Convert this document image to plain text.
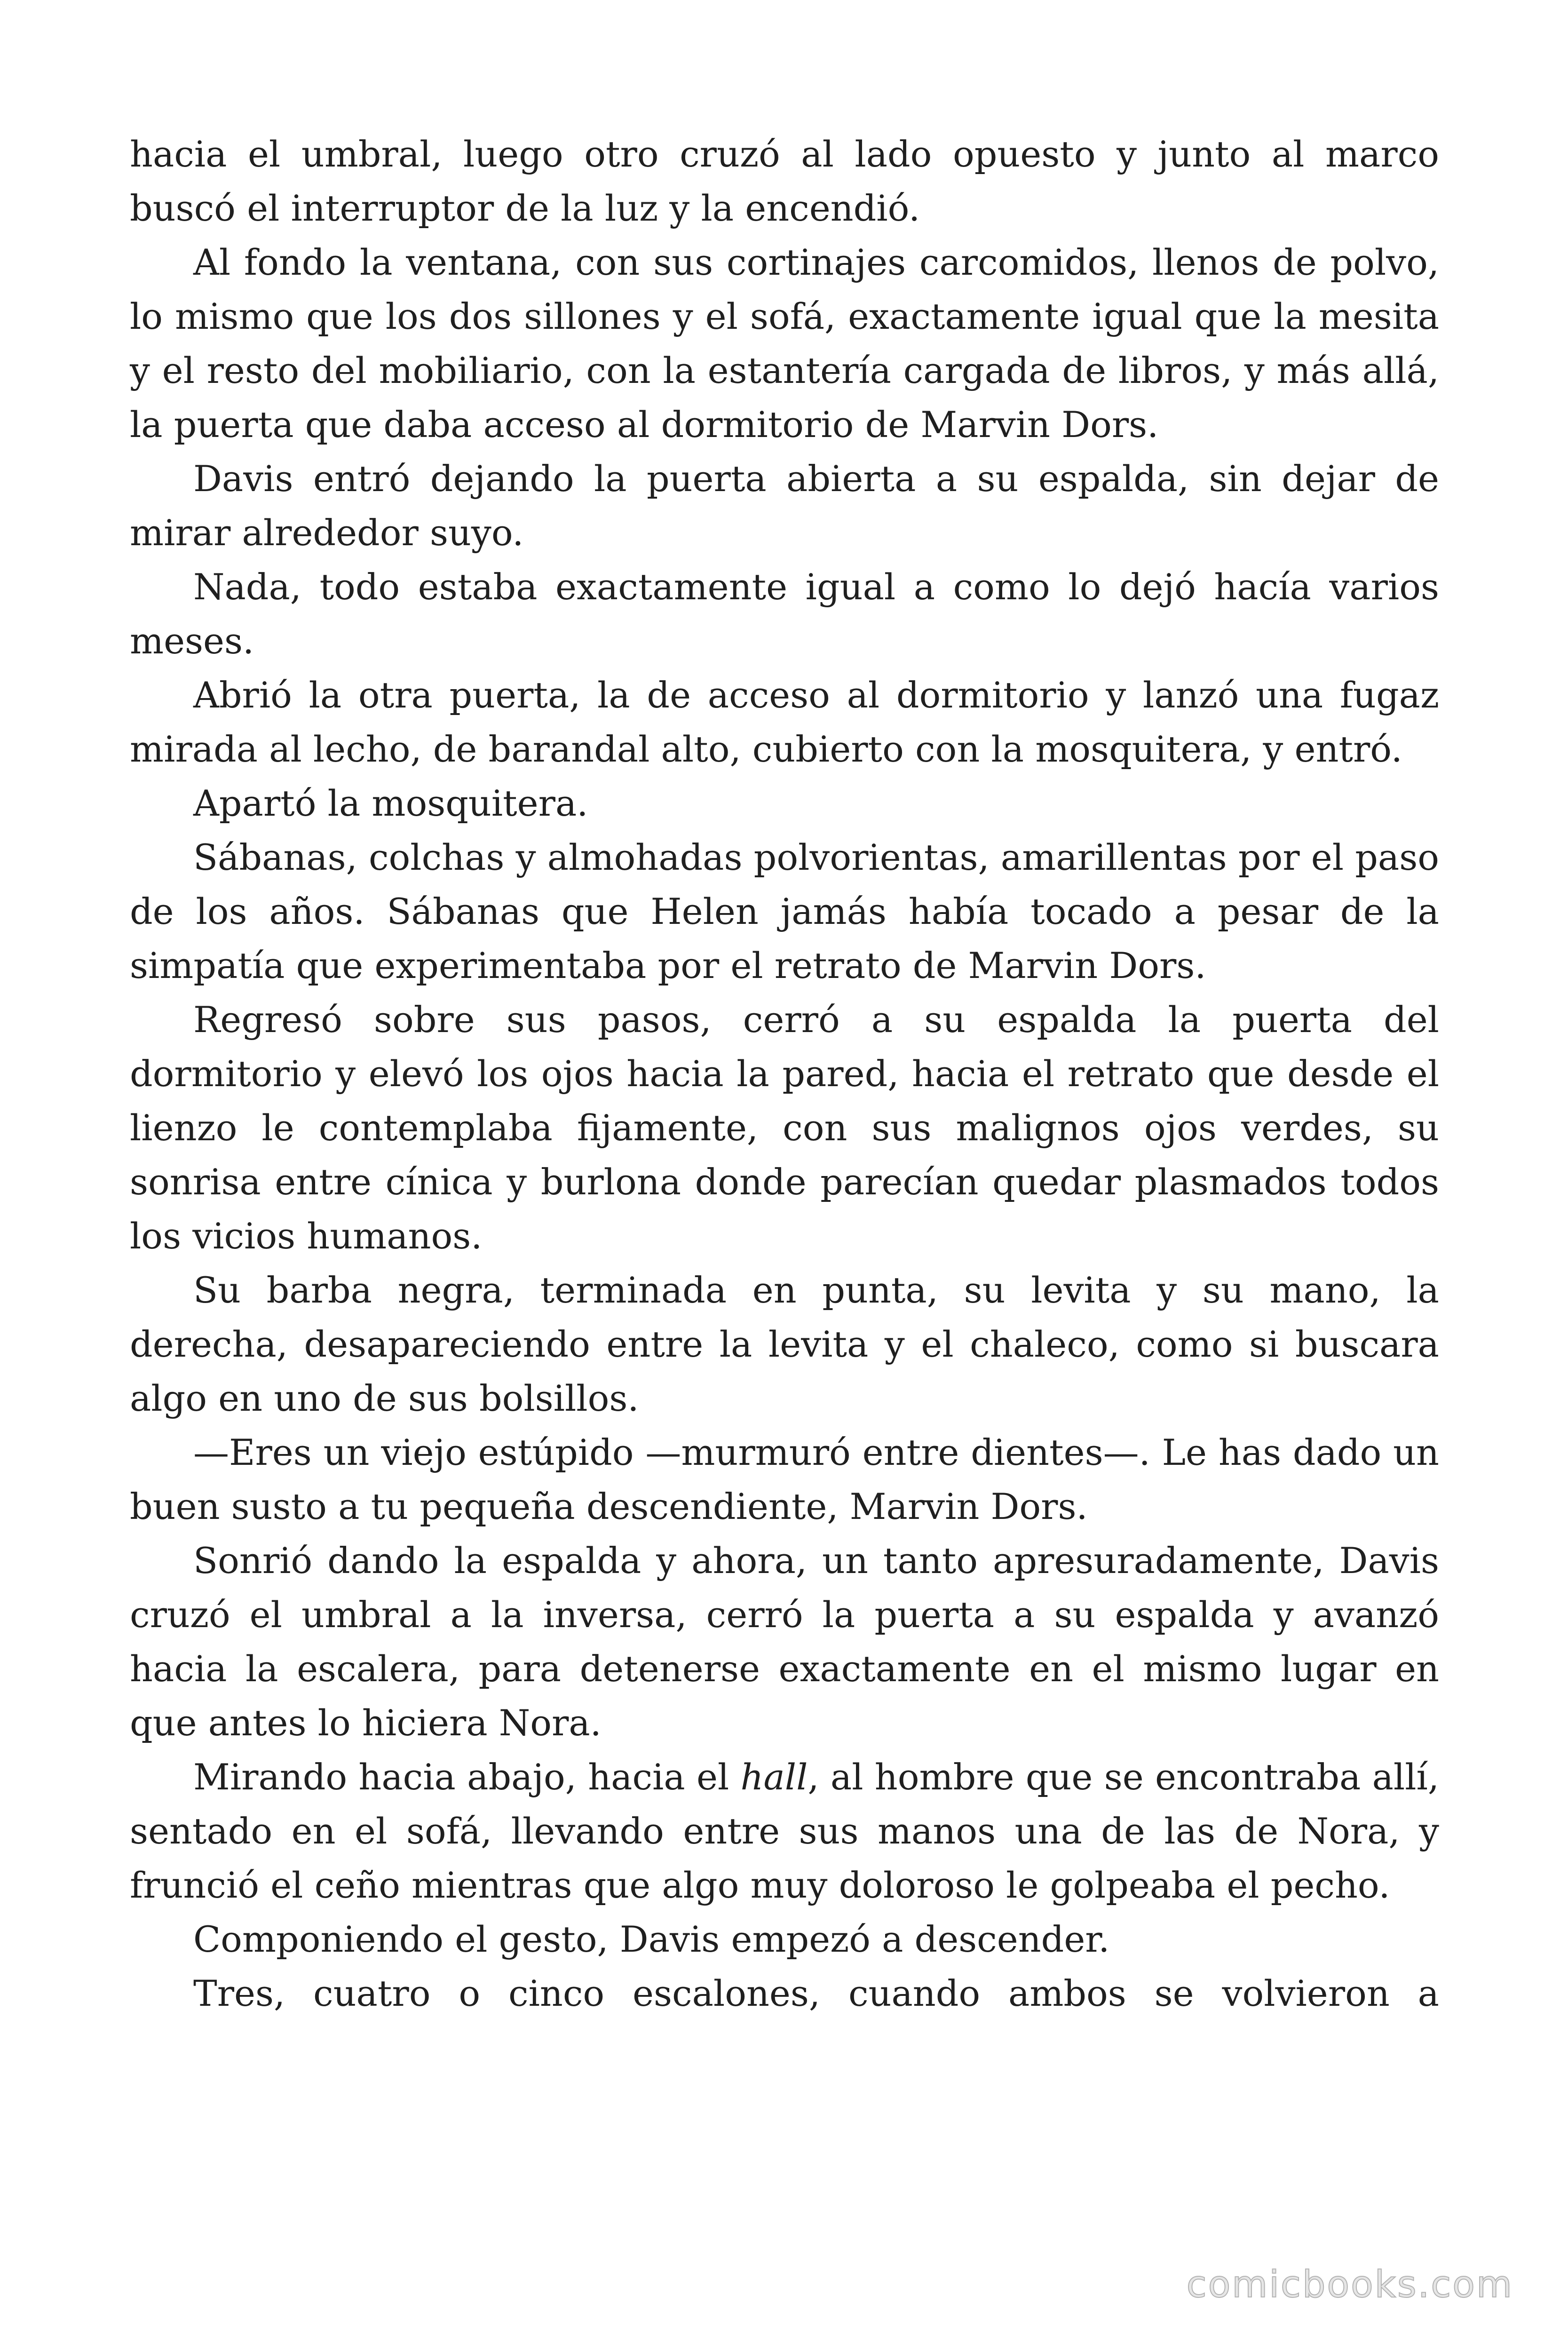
hacia el umbral, luego otro cruzó al lado opuesto y junto al marco buscó el interruptor de la luz y la encendió.

Al fondo la ventana, con sus cortinajes carcomidos, llenos de polvo, lo mismo que los dos sillones y el sofá, exactamente igual que la mesita y el resto del mobiliario, con la estantería cargada de libros, y más allá, la puerta que daba acceso al dormitorio de Marvin Dors.

Davis entró dejando la puerta abierta a su espalda, sin dejar de mirar alrededor suyo.

Nada, todo estaba exactamente igual a como lo dejó hacía varios meses.

Abrió la otra puerta, la de acceso al dormitorio y lanzó una fugaz mirada al lecho, de barandal alto, cubierto con la mosquitera, y entró.

Apartó la mosquitera.

Sábanas, colchas y almohadas polvorientas, amarillentas por el paso de los años. Sábanas que Helen jamás había tocado a pesar de la simpatía que experimentaba por el retrato de Marvin Dors.

Regresó sobre sus pasos, cerró a su espalda la puerta del dormitorio y elevó los ojos hacia la pared, hacia el retrato que desde el lienzo le contemplaba fijamente, con sus malignos ojos verdes, su sonrisa entre cínica y burlona donde parecían quedar plasmados todos los vicios humanos.

Su barba negra, terminada en punta, su levita y su mano, la derecha, desapareciendo entre la levita y el chaleco, como si buscara algo en uno de sus bolsillos.

—Eres un viejo estúpido —murmuró entre dientes—. Le has dado un buen susto a tu pequeña descendiente, Marvin Dors.

Sonrió dando la espalda y ahora, un tanto apresuradamente, Davis cruzó el umbral a la inversa, cerró la puerta a su espalda y avanzó hacia la escalera, para detenerse exactamente en el mismo lugar en que antes lo hiciera Nora.

Mirando hacia abajo, hacia el hall, al hombre que se encontraba allí, sentado en el sofá, llevando entre sus manos una de las de Nora, y frunció el ceño mientras que algo muy doloroso le golpeaba el pecho.

Componiendo el gesto, Davis empezó a descender.

Tres, cuatro o cinco escalones, cuando ambos se volvieron a

comicbooks.com
